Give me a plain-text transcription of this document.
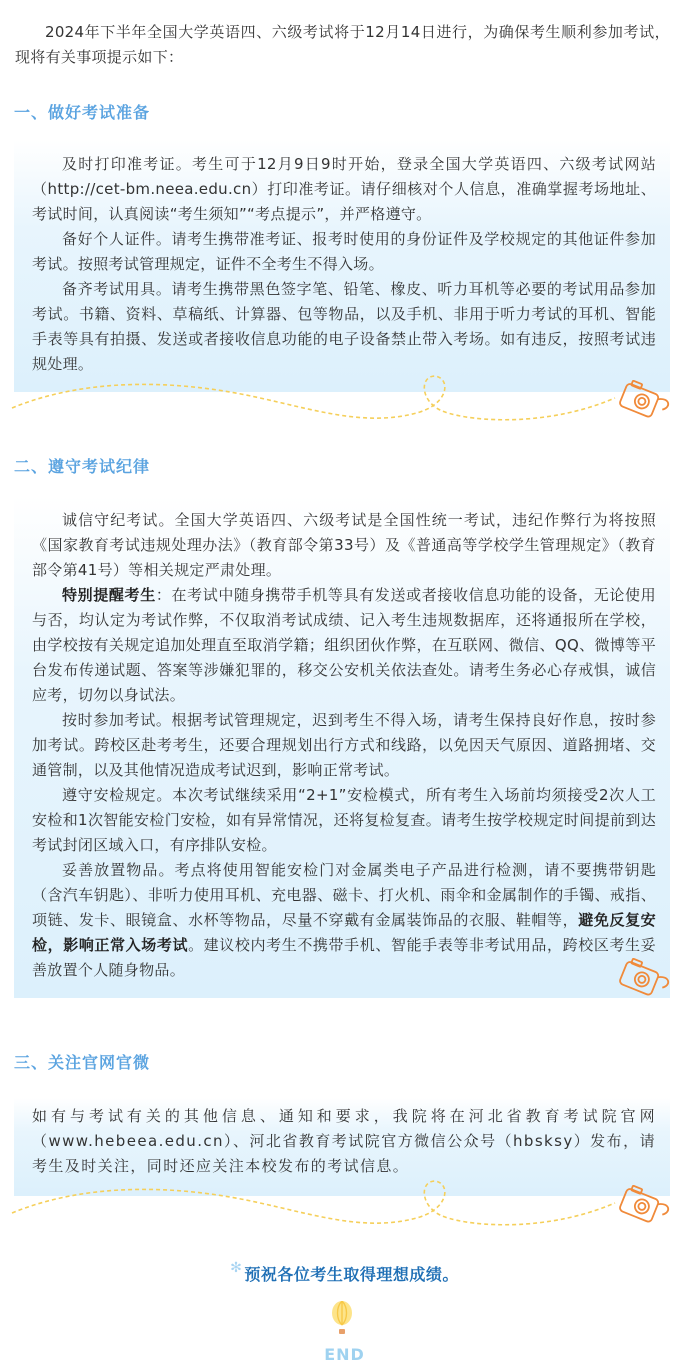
2024年下半年全国大学英语四、六级考试将于12月14日进行，为确保考生顺利参加考试，现将有关事项提示如下：

一、做好考试准备

及时打印准考证。考生可于12月9日9时开始，登录全国大学英语四、六级考试网站（http://cet-bm.neea.edu.cn）打印准考证。请仔细核对个人信息，准确掌握考场地址、考试时间，认真阅读“考生须知”“考点提示”，并严格遵守。

备好个人证件。请考生携带准考证、报考时使用的身份证件及学校规定的其他证件参加考试。按照考试管理规定，证件不全考生不得入场。

备齐考试用具。请考生携带黑色签字笔、铅笔、橡皮、听力耳机等必要的考试用品参加考试。书籍、资料、草稿纸、计算器、包等物品，以及手机、非用于听力考试的耳机、智能手表等具有拍摄、发送或者接收信息功能的电子设备禁止带入考场。如有违反，按照考试违规处理。

二、遵守考试纪律

诚信守纪考试。全国大学英语四、六级考试是全国性统一考试，违纪作弊行为将按照《国家教育考试违规处理办法》（教育部令第33号）及《普通高等学校学生管理规定》（教育部令第41号）等相关规定严肃处理。

特别提醒考生：在考试中随身携带手机等具有发送或者接收信息功能的设备，无论使用与否，均认定为考试作弊，不仅取消考试成绩、记入考生违规数据库，还将通报所在学校，由学校按有关规定追加处理直至取消学籍；组织团伙作弊，在互联网、微信、QQ、微博等平台发布传递试题、答案等涉嫌犯罪的，移交公安机关依法查处。请考生务必心存戒惧，诚信应考，切勿以身试法。

按时参加考试。根据考试管理规定，迟到考生不得入场，请考生保持良好作息，按时参加考试。跨校区赴考考生，还要合理规划出行方式和线路，以免因天气原因、道路拥堵、交通管制，以及其他情况造成考试迟到，影响正常考试。

遵守安检规定。本次考试继续采用“2+1”安检模式，所有考生入场前均须接受2次人工安检和1次智能安检门安检，如有异常情况，还将复检复查。请考生按学校规定时间提前到达考试封闭区域入口，有序排队安检。

妥善放置物品。考点将使用智能安检门对金属类电子产品进行检测，请不要携带钥匙（含汽车钥匙）、非听力使用耳机、充电器、磁卡、打火机、雨伞和金属制作的手镯、戒指、项链、发卡、眼镜盒、水杯等物品，尽量不穿戴有金属装饰品的衣服、鞋帽等，避免反复安检，影响正常入场考试。建议校内考生不携带手机、智能手表等非考试用品，跨校区考生妥善放置个人随身物品。

三、关注官网官微

如有与考试有关的其他信息、通知和要求，我院将在河北省教育考试院官网（www.hebeea.edu.cn）、河北省教育考试院官方微信公众号（hbsksy）发布，请考生及时关注，同时还应关注本校发布的考试信息。

✻ 预祝各位考生取得理想成绩。
END
